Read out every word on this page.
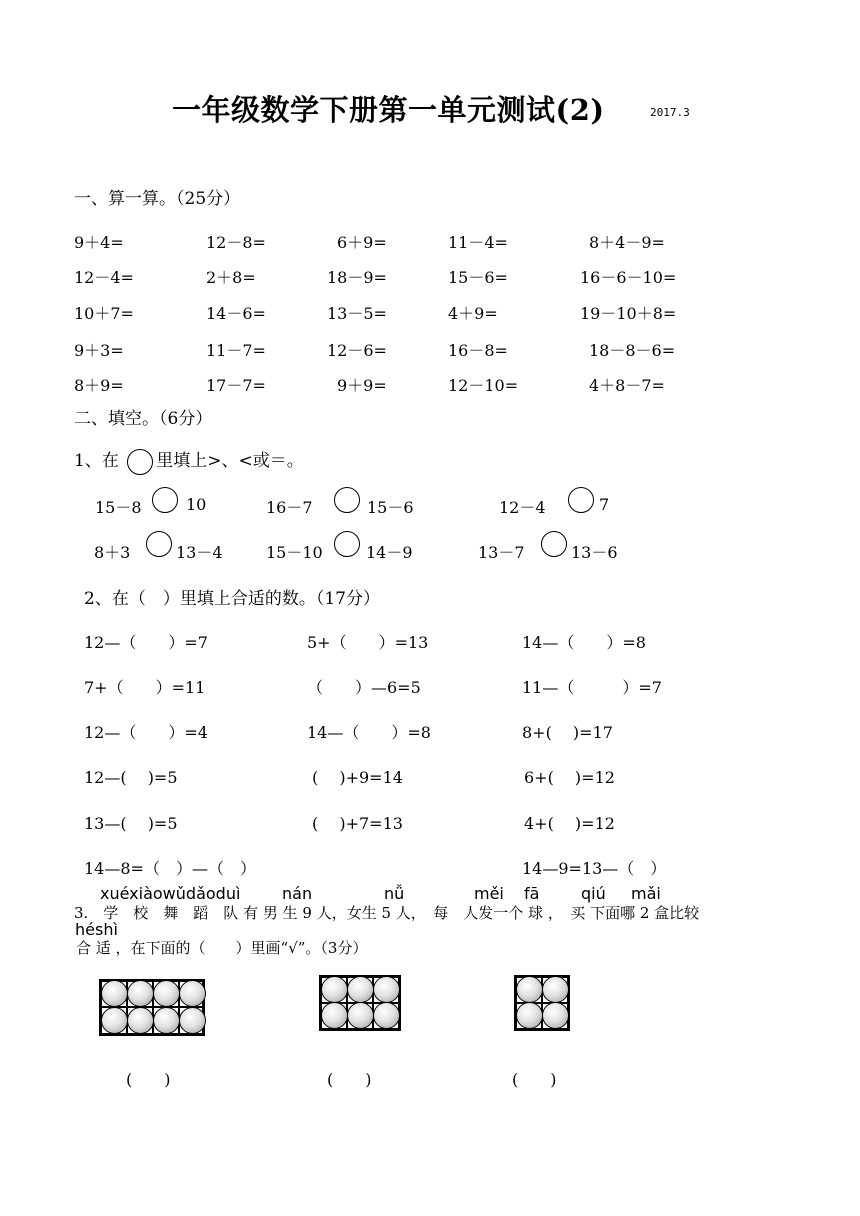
一年级数学下册第一单元测试(2)	2017.3
一、算一算。（25分）
9＋4=	12－8=	6＋9=	11－4=	8＋4－9=
12－4=	2＋8=	18－9=	15－6=	16－6－10=
10＋7=	14－6=	13－5=	4＋9=	19－10＋8=
9＋3=	11－7=	12－6=	16－8=	18－8－6=
8＋9=	17－7=	9＋9=	12－10=	4＋8－7=
二、填空。（6分）
1、在 里填上>、<或＝。
15－8	10	16－7	15－6	12－4	7
8＋3	13－4	15－10	14－9	13－7	13－6
2、在（　）里填上合适的数。（17分）
12—（　　）=7	5+（　　）=13	14—（　　）=8
7+（　　）=11	（　　）—6=5	11—（　　　）=7
12—（　　）=4	14—（　　）=8	8+(　 )=17
12—(　 )=5	(　 )+9=14	6+(　 )=12
13—(　 )=5	(　 )+7=13	4+(　 )=12
14—8=（　）—（　）	14—9=13—（　）
xuéxiàowǔdǎoduì	nán	nǚ	měi fā	qiú mǎi
3.　学　校　舞　蹈　队 有 男 生 9 人，女生 5 人，　每　人发一个 球 ，　买 下面哪 2 盒比较
héshì
合 适 ，在下面的（　　）里画“√”。（3分）
(　　)	(　　)	(　　)
